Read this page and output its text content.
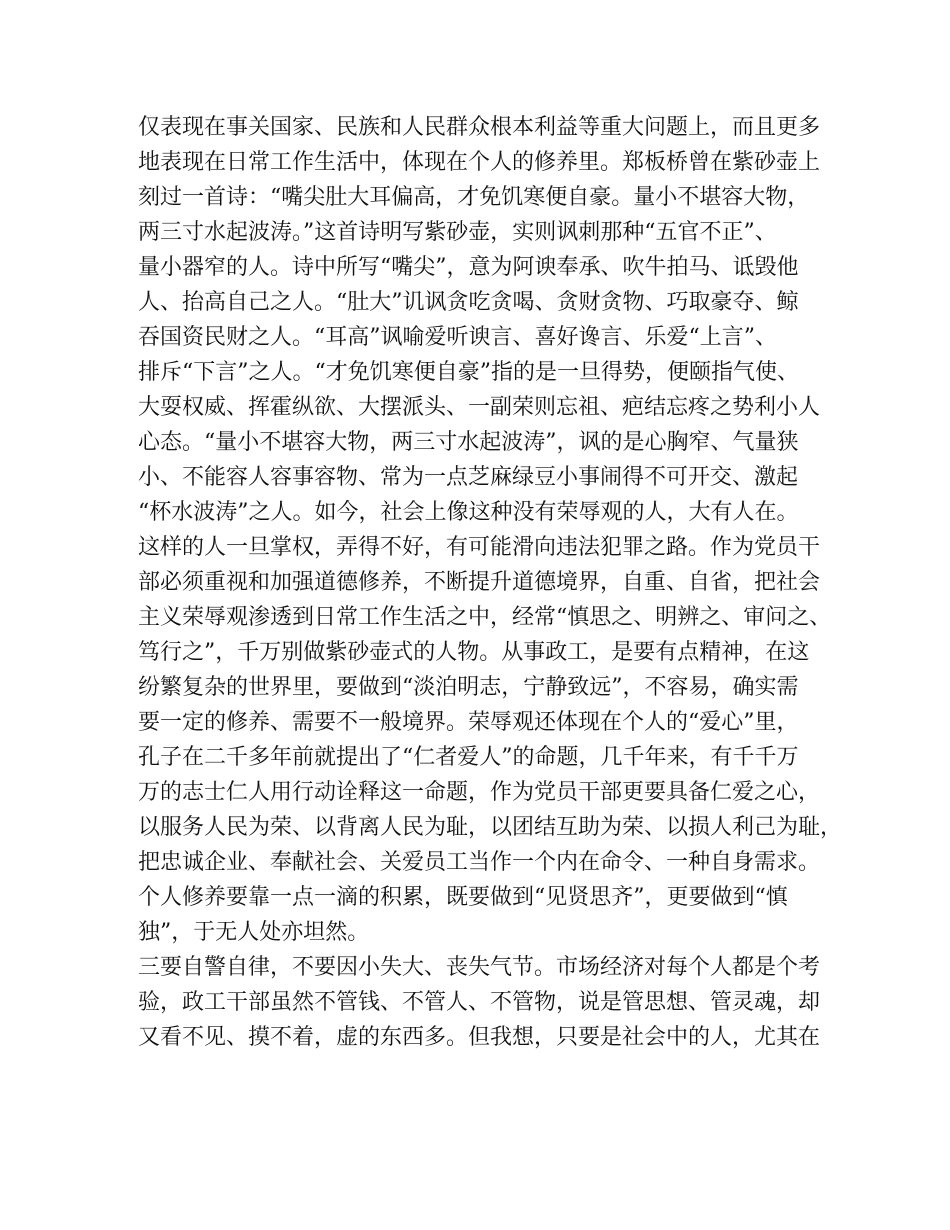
仅表现在事关国家、民族和人民群众根本利益等重大问题上，而且更多
地表现在日常工作生活中，体现在个人的修养里。郑板桥曾在紫砂壶上
刻过一首诗：“嘴尖肚大耳偏高，才免饥寒便自豪。量小不堪容大物，
两三寸水起波涛。”这首诗明写紫砂壶，实则讽刺那种“五官不正”、
量小器窄的人。诗中所写“嘴尖”，意为阿谀奉承、吹牛拍马、诋毁他
人、抬高自己之人。“肚大”讥讽贪吃贪喝、贪财贪物、巧取豪夺、鲸
吞国资民财之人。“耳高”讽喻爱听谀言、喜好谗言、乐爱“上言”、
排斥“下言”之人。“才免饥寒便自豪”指的是一旦得势，便颐指气使、
大耍权威、挥霍纵欲、大摆派头、一副荣则忘祖、疤结忘疼之势利小人
心态。“量小不堪容大物，两三寸水起波涛”，讽的是心胸窄、气量狭
小、不能容人容事容物、常为一点芝麻绿豆小事闹得不可开交、激起
“杯水波涛”之人。如今，社会上像这种没有荣辱观的人，大有人在。
这样的人一旦掌权，弄得不好，有可能滑向违法犯罪之路。作为党员干
部必须重视和加强道德修养，不断提升道德境界，自重、自省，把社会
主义荣辱观渗透到日常工作生活之中，经常“慎思之、明辨之、审问之、
笃行之”，千万别做紫砂壶式的人物。从事政工，是要有点精神，在这
纷繁复杂的世界里，要做到“淡泊明志，宁静致远”，不容易，确实需
要一定的修养、需要不一般境界。荣辱观还体现在个人的“爱心”里，
孔子在二千多年前就提出了“仁者爱人”的命题，几千年来，有千千万
万的志士仁人用行动诠释这一命题，作为党员干部更要具备仁爱之心，
以服务人民为荣、以背离人民为耻，以团结互助为荣、以损人利己为耻，
把忠诚企业、奉献社会、关爱员工当作一个内在命令、一种自身需求。
个人修养要靠一点一滴的积累，既要做到“见贤思齐”，更要做到“慎
独”，于无人处亦坦然。
三要自警自律，不要因小失大、丧失气节。市场经济对每个人都是个考
验，政工干部虽然不管钱、不管人、不管物，说是管思想、管灵魂，却
又看不见、摸不着，虚的东西多。但我想，只要是社会中的人，尤其在
